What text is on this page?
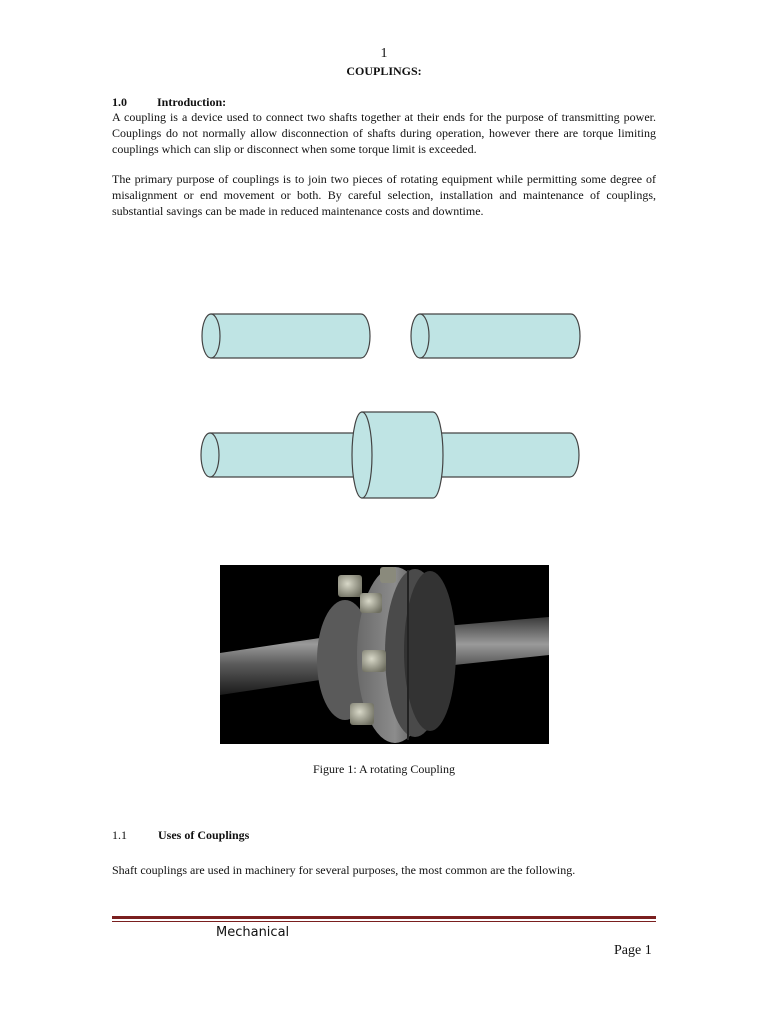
1
COUPLINGS:
1.0	Introduction:
A coupling is a device used to connect two shafts together at their ends for the purpose of transmitting power. Couplings do not normally allow disconnection of shafts during operation, however there are torque limiting couplings which can slip or disconnect when some torque limit is exceeded.
The primary purpose of couplings is to join two pieces of rotating equipment while permitting some degree of misalignment or end movement or both. By careful selection, installation and maintenance of couplings, substantial savings can be made in reduced maintenance costs and downtime.
Figure 1: A rotating Coupling
1.1	Uses of Couplings
Shaft couplings are used in machinery for several purposes, the most common are the following.
Mechanical
Page 1
